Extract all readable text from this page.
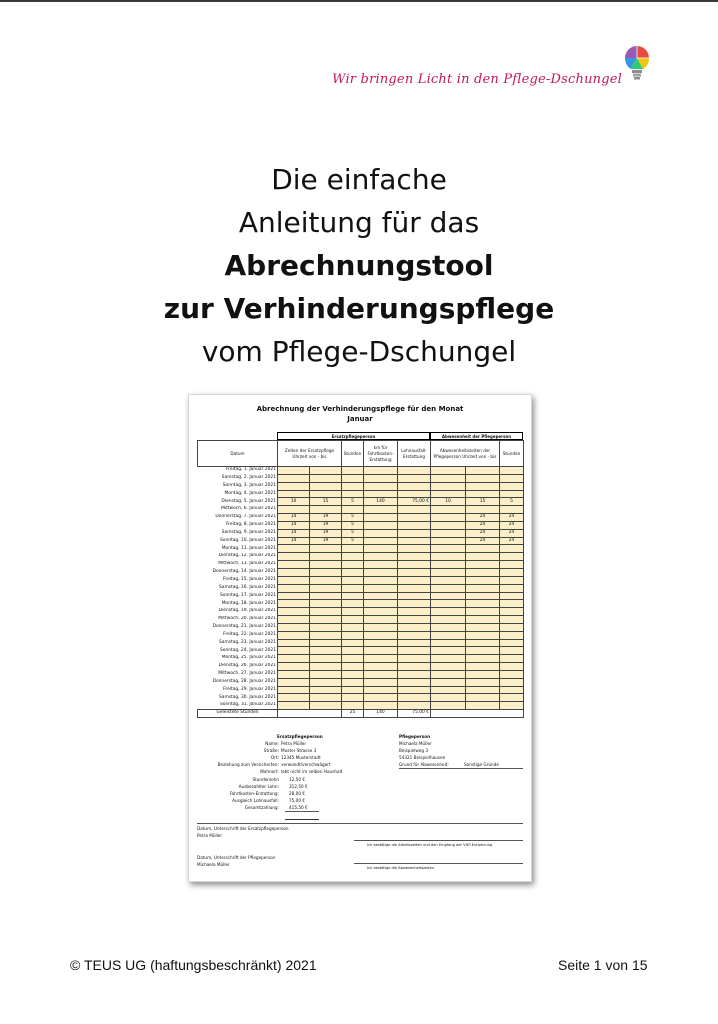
Wir bringen Licht in den Pflege-Dschungel
Die einfache
Anleitung für das
Abrechnungstool
zur Verhinderungspflege
vom Pflege-Dschungel
Abrechnung der Verhinderungspflege für den Monat
Januar
Ersatzpflegeperson	Abwesenheit der Pflegeperson
Datum	Zeiten der Ersatzpflege Uhrzeit von - bis		Stunden	km für Fahrtkosten-Erstattung	Lohnausfall-Erstattung	Abwesenheitszeiten der Pflegeperson Uhrzeit von - bis		Stunden
Freitag, 1. Januar 2021								
Samstag, 2. Januar 2021								
Sonntag, 3. Januar 2021								
Montag, 4. Januar 2021								
Dienstag, 5. Januar 2021	10	15	5	140	75,00 €	10	15	5
Mittwoch, 6. Januar 2021								
Donnerstag, 7. Januar 2021	14	19	5				24	24
Freitag, 8. Januar 2021	14	19	5				24	24
Samstag, 9. Januar 2021	14	19	5				24	24
Sonntag, 10. Januar 2021	14	19	5				24	24
Montag, 11. Januar 2021								
Dienstag, 12. Januar 2021								
Mittwoch, 13. Januar 2021								
Donnerstag, 14. Januar 2021								
Freitag, 15. Januar 2021								
Samstag, 16. Januar 2021								
Sonntag, 17. Januar 2021								
Montag, 18. Januar 2021								
Dienstag, 19. Januar 2021								
Mittwoch, 20. Januar 2021								
Donnerstag, 21. Januar 2021								
Freitag, 22. Januar 2021								
Samstag, 23. Januar 2021								
Sonntag, 24. Januar 2021								
Montag, 25. Januar 2021								
Dienstag, 26. Januar 2021								
Mittwoch, 27. Januar 2021								
Donnerstag, 28. Januar 2021								
Freitag, 29. Januar 2021								
Samstag, 30. Januar 2021								
Sonntag, 31. Januar 2021								
Geleistete Stunden			25	140	75,00 €			
Ersatzpflegeperson
Name: Petra Müller
Straße: Muster Strasse 3
Ort: 12345 Musterstadt
Beziehung zum Versicherten: verwandt/verschwägert
Wohnort: lebt nicht im selben Haushalt
Pflegeperson
Michaela Müller
Beispielweg 3
54321 Beispielhausen
Grund für Abwesenheit:	Sonstige Gründe
Stundenlohn 12,50 €
Ausbezahlter Lohn: 312,50 €
Fahrtkosten-Erstattung: 28,00 €
Ausgleich Lohnausfall: 75,00 €
Gesamtzahlung: 415,50 €
Datum, Unterschrift der Ersatzpflegeperson
Petra Müller
Ich bestätige die Arbeitszeiten und den Empfang der VHP-Entlohnung
Datum, Unterschrift der Pflegeperson
Michaela Müller
Ich bestätige die Abwesenheitszeiten
© TEUS UG (haftungsbeschränkt) 2021	Seite 1 von 15
